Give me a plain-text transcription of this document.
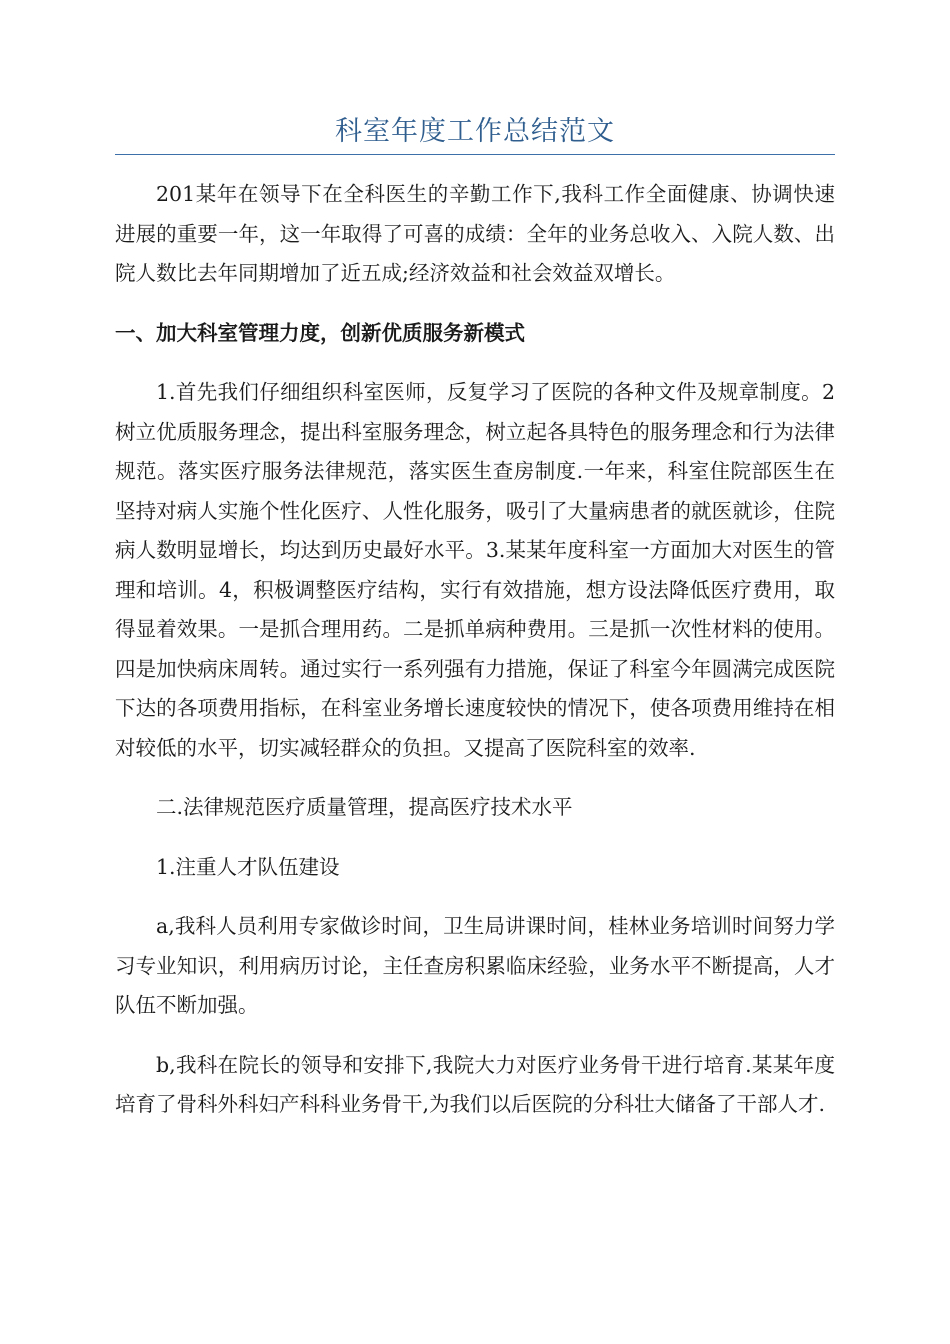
科室年度工作总结范文

201某年在领导下在全科医生的辛勤工作下,我科工作全面健康、协调快速进展的重要一年，这一年取得了可喜的成绩：全年的业务总收入、入院人数、出院人数比去年同期增加了近五成;经济效益和社会效益双增长。

一、加大科室管理力度，创新优质服务新模式

1.首先我们仔细组织科室医师，反复学习了医院的各种文件及规章制度。2树立优质服务理念，提出科室服务理念，树立起各具特色的服务理念和行为法律规范。落实医疗服务法律规范，落实医生查房制度.一年来，科室住院部医生在坚持对病人实施个性化医疗、人性化服务，吸引了大量病患者的就医就诊，住院病人数明显增长，均达到历史最好水平。3.某某年度科室一方面加大对医生的管理和培训。4，积极调整医疗结构，实行有效措施，想方设法降低医疗费用，取得显着效果。一是抓合理用药。二是抓单病种费用。三是抓一次性材料的使用。四是加快病床周转。通过实行一系列强有力措施，保证了科室今年圆满完成医院下达的各项费用指标，在科室业务增长速度较快的情况下，使各项费用维持在相对较低的水平，切实减轻群众的负担。又提高了医院科室的效率.

二.法律规范医疗质量管理，提高医疗技术水平

1.注重人才队伍建设

a,我科人员利用专家做诊时间，卫生局讲课时间，桂林业务培训时间努力学习专业知识，利用病历讨论，主任查房积累临床经验，业务水平不断提高，人才队伍不断加强。

b,我科在院长的领导和安排下,我院大力对医疗业务骨干进行培育.某某年度培育了骨科外科妇产科科业务骨干,为我们以后医院的分科壮大储备了干部人才.
